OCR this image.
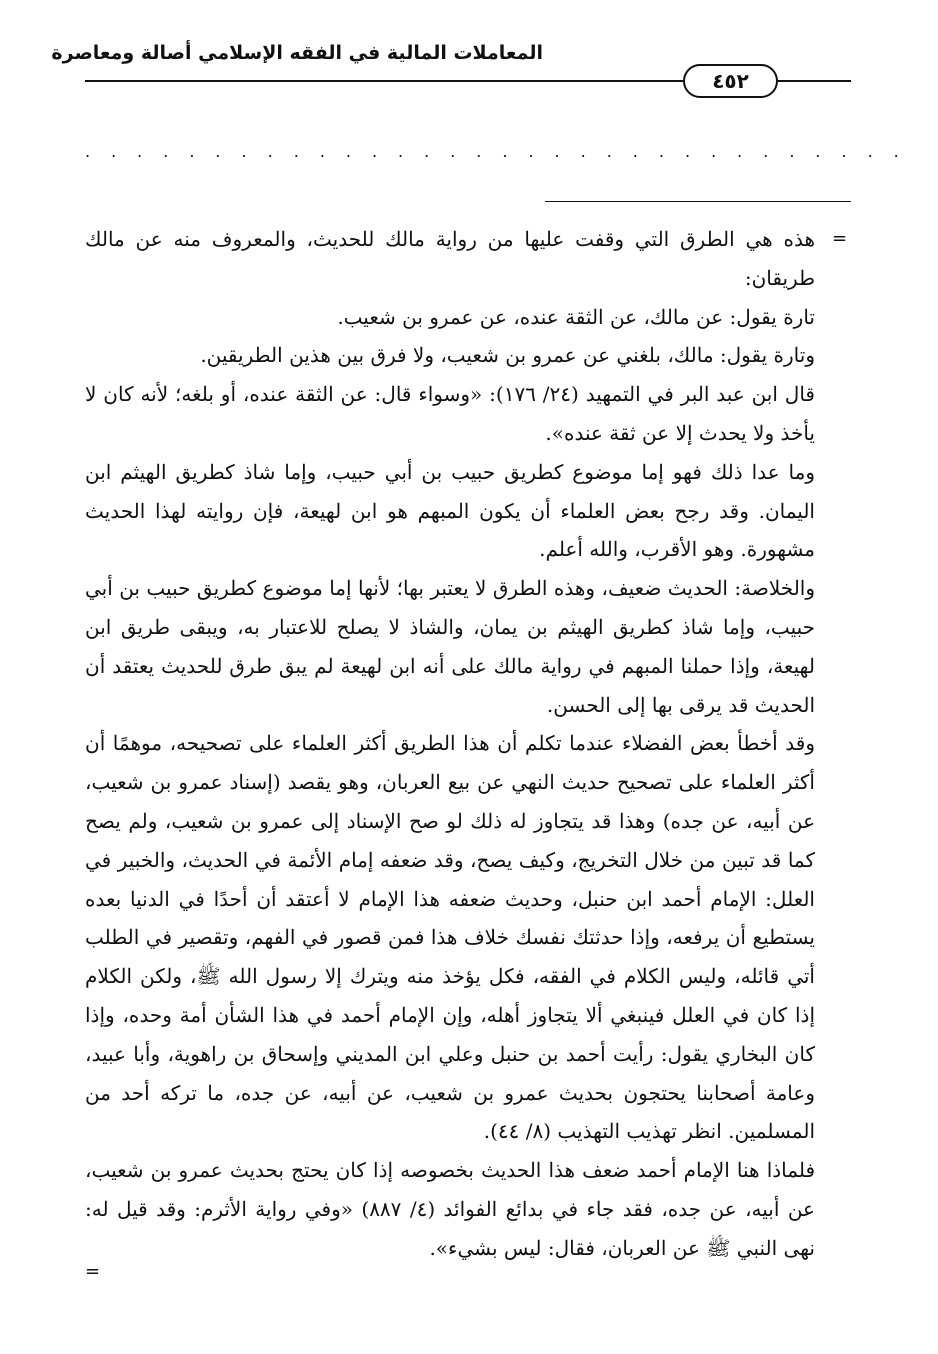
المعاملات المالية في الفقه الإسلامي أصالة ومعاصرة
٤٥٢
................................
=

هذه هي الطرق التي وقفت عليها من رواية مالك للحديث، والمعروف منه عن مالك طريقان:

تارة يقول: عن مالك، عن الثقة عنده، عن عمرو بن شعيب.

وتارة يقول: مالك، بلغني عن عمرو بن شعيب، ولا فرق بين هذين الطريقين.

قال ابن عبد البر في التمهيد (٢٤/ ١٧٦): «وسواء قال: عن الثقة عنده، أو بلغه؛ لأنه كان لا يأخذ ولا يحدث إلا عن ثقة عنده».

وما عدا ذلك فهو إما موضوع كطريق حبيب بن أبي حبيب، وإما شاذ كطريق الهيثم ابن اليمان. وقد رجح بعض العلماء أن يكون المبهم هو ابن لهيعة، فإن روايته لهذا الحديث مشهورة. وهو الأقرب، والله أعلم.

والخلاصة: الحديث ضعيف، وهذه الطرق لا يعتبر بها؛ لأنها إما موضوع كطريق حبيب بن أبي حبيب، وإما شاذ كطريق الهيثم بن يمان، والشاذ لا يصلح للاعتبار به، ويبقى طريق ابن لهيعة، وإذا حملنا المبهم في رواية مالك على أنه ابن لهيعة لم يبق طرق للحديث يعتقد أن الحديث قد يرقى بها إلى الحسن.

وقد أخطأ بعض الفضلاء عندما تكلم أن هذا الطريق أكثر العلماء على تصحيحه، موهمًا أن أكثر العلماء على تصحيح حديث النهي عن بيع العربان، وهو يقصد (إسناد عمرو بن شعيب، عن أبيه، عن جده) وهذا قد يتجاوز له ذلك لو صح الإسناد إلى عمرو بن شعيب، ولم يصح كما قد تبين من خلال التخريج، وكيف يصح، وقد ضعفه إمام الأئمة في الحديث، والخبير في العلل: الإمام أحمد ابن حنبل، وحديث ضعفه هذا الإمام لا أعتقد أن أحدًا في الدنيا بعده يستطيع أن يرفعه، وإذا حدثتك نفسك خلاف هذا فمن قصور في الفهم، وتقصير في الطلب أتي قائله، وليس الكلام في الفقه، فكل يؤخذ منه ويترك إلا رسول الله ﷺ، ولكن الكلام إذا كان في العلل فينبغي ألا يتجاوز أهله، وإن الإمام أحمد في هذا الشأن أمة وحده، وإذا كان البخاري يقول: رأيت أحمد بن حنبل وعلي ابن المديني وإسحاق بن راهوية، وأبا عبيد، وعامة أصحابنا يحتجون بحديث عمرو بن شعيب، عن أبيه، عن جده، ما تركه أحد من المسلمين. انظر تهذيب التهذيب (٨/ ٤٤).

فلماذا هنا الإمام أحمد ضعف هذا الحديث بخصوصه إذا كان يحتج بحديث عمرو بن شعيب، عن أبيه، عن جده، فقد جاء في بدائع الفوائد (٤/ ٨٨٧) «وفي رواية الأثرم: وقد قيل له: نهى النبي ﷺ عن العربان، فقال: ليس بشيء».

=
